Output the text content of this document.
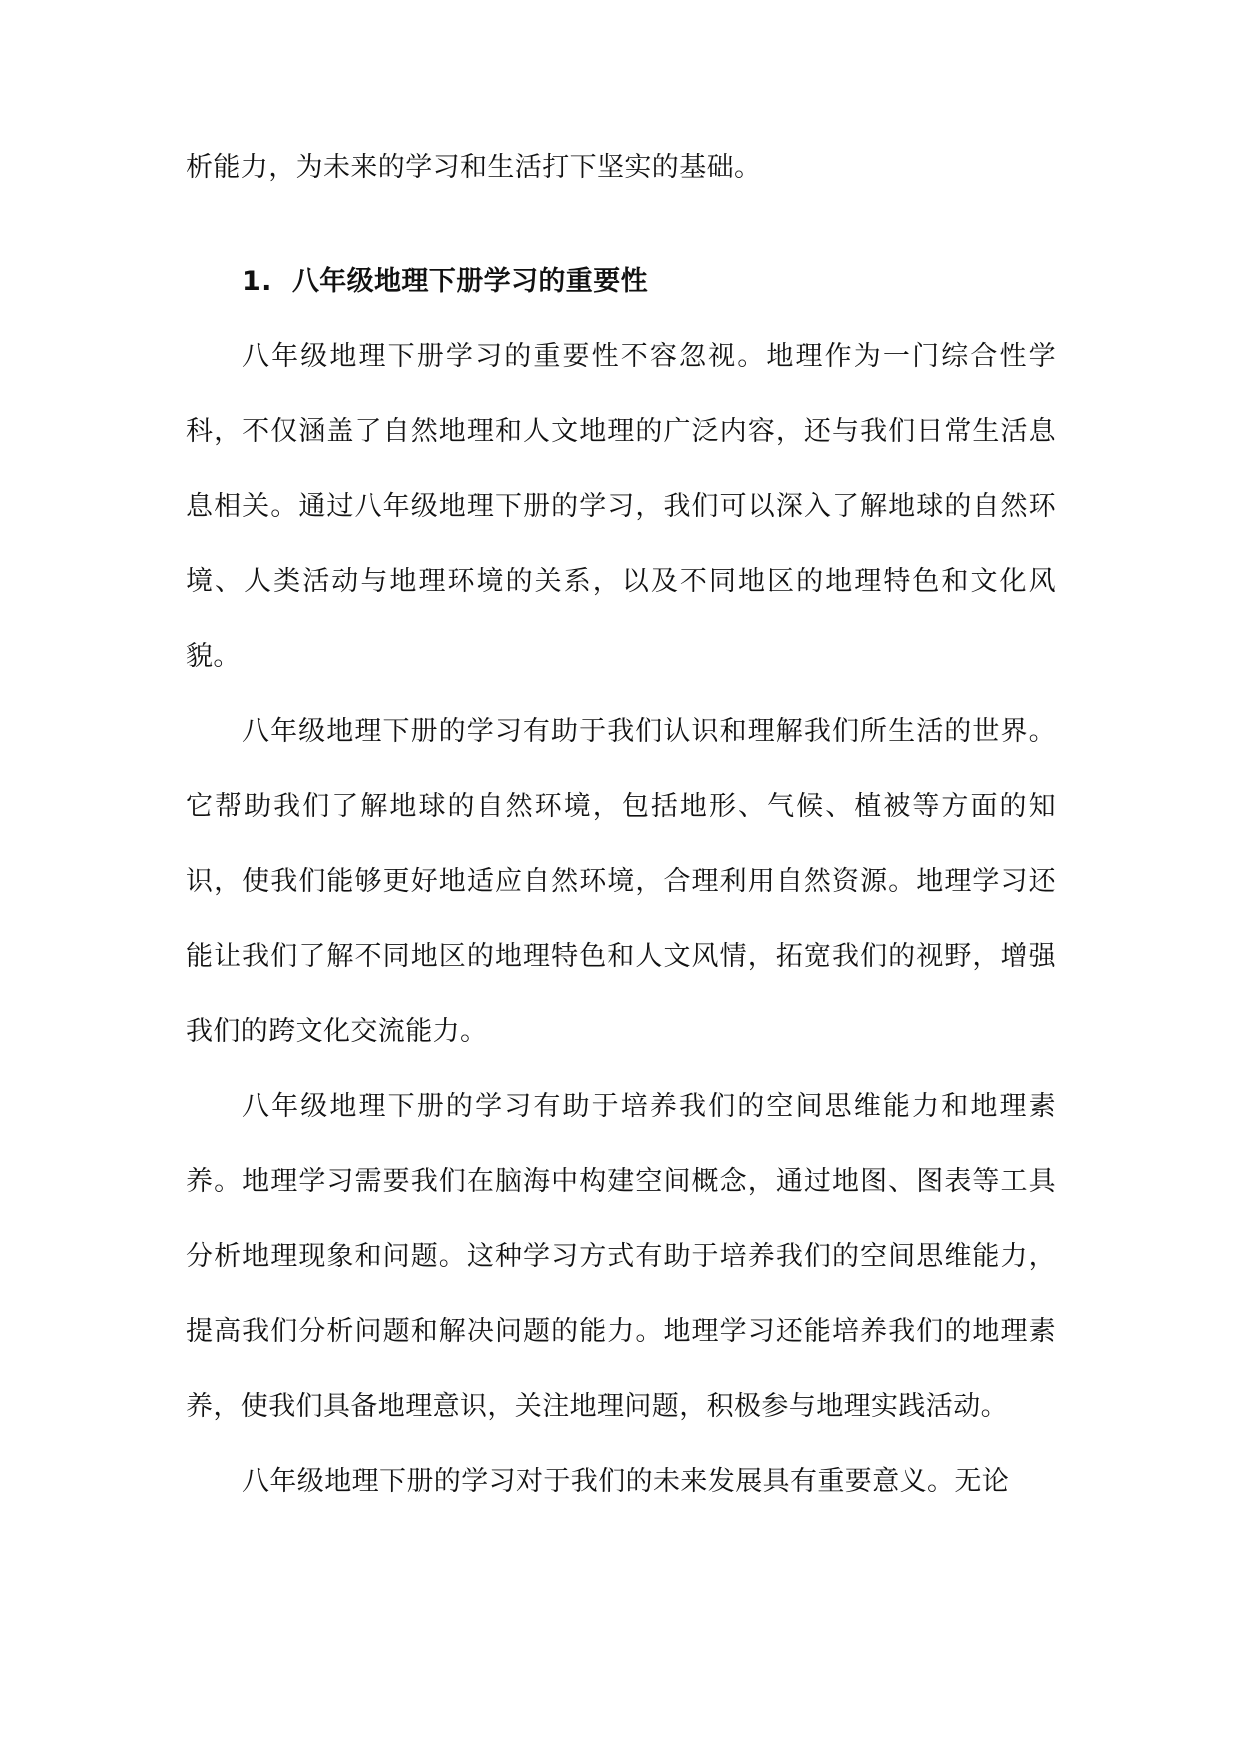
析能力，为未来的学习和生活打下坚实的基础。

1. 八年级地理下册学习的重要性

八年级地理下册学习的重要性不容忽视。地理作为一门综合性学科，不仅涵盖了自然地理和人文地理的广泛内容，还与我们日常生活息息相关。通过八年级地理下册的学习，我们可以深入了解地球的自然环境、人类活动与地理环境的关系，以及不同地区的地理特色和文化风貌。

八年级地理下册的学习有助于我们认识和理解我们所生活的世界。它帮助我们了解地球的自然环境，包括地形、气候、植被等方面的知识，使我们能够更好地适应自然环境，合理利用自然资源。地理学习还能让我们了解不同地区的地理特色和人文风情，拓宽我们的视野，增强我们的跨文化交流能力。

八年级地理下册的学习有助于培养我们的空间思维能力和地理素养。地理学习需要我们在脑海中构建空间概念，通过地图、图表等工具分析地理现象和问题。这种学习方式有助于培养我们的空间思维能力，提高我们分析问题和解决问题的能力。地理学习还能培养我们的地理素养，使我们具备地理意识，关注地理问题，积极参与地理实践活动。

八年级地理下册的学习对于我们的未来发展具有重要意义。无论
